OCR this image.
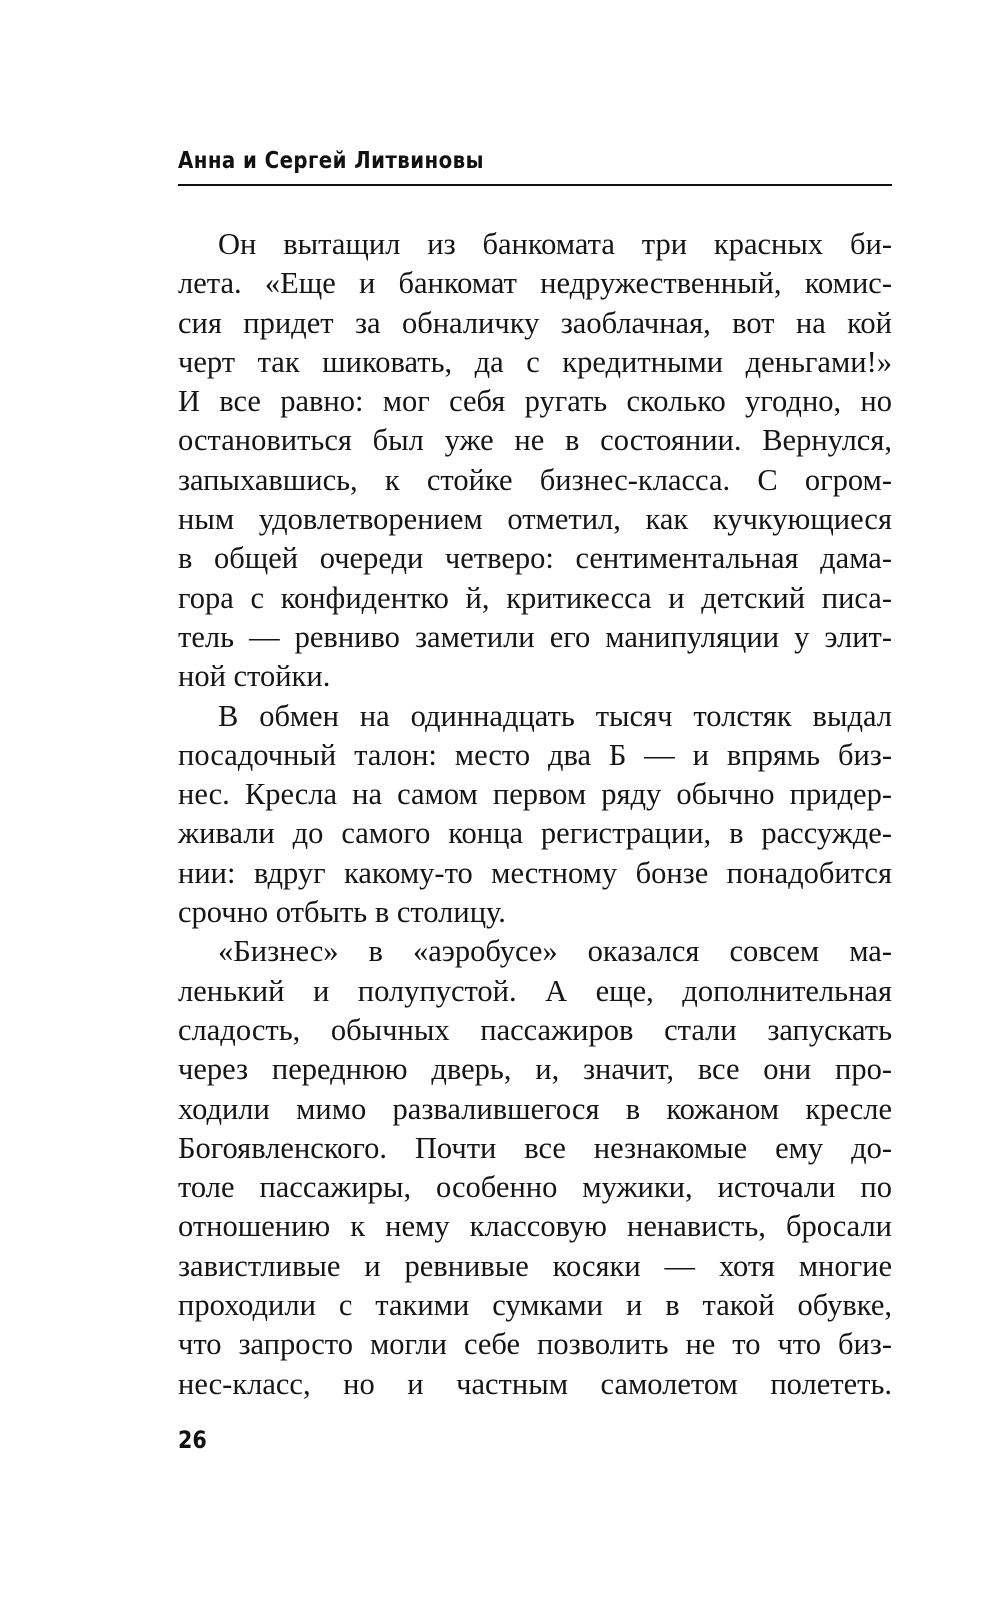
Анна и Сергей Литвиновы
Он вытащил из банкомата три красных би-
лета. «Еще и банкомат недружественный, комис-
сия придет за обналичку заоблачная, вот на кой
черт так шиковать, да с кредитными деньгами!»
И все равно: мог себя ругать сколько угодно, но
остановиться был уже не в состоянии. Вернулся,
запыхавшись, к стойке бизнес-класса. С огром-
ным удовлетворением отметил, как кучкующиеся
в общей очереди четверо: сентиментальная дама-
гора с конфидентко й, критикесса и детский писа-
тель — ревниво заметили его манипуляции у элит-
ной стойки.
В обмен на одиннадцать тысяч толстяк выдал
посадочный талон: место два Б — и впрямь биз-
нес. Кресла на самом первом ряду обычно придер-
живали до самого конца регистрации, в рассужде-
нии: вдруг какому-то местному бонзе понадобится
срочно отбыть в столицу.
«Бизнес» в «аэробусе» оказался совсем ма-
ленький и полупустой. А еще, дополнительная
сладость, обычных пассажиров стали запускать
через переднюю дверь, и, значит, все они про-
ходили мимо развалившегося в кожаном кресле
Богоявленского. Почти все незнакомые ему до-
толе пассажиры, особенно мужики, источали по
отношению к нему классовую ненависть, бросали
завистливые и ревнивые косяки — хотя многие
проходили с такими сумками и в такой обувке,
что запросто могли себе позволить не то что биз-
нес-класс, но и частным самолетом полететь.
26
